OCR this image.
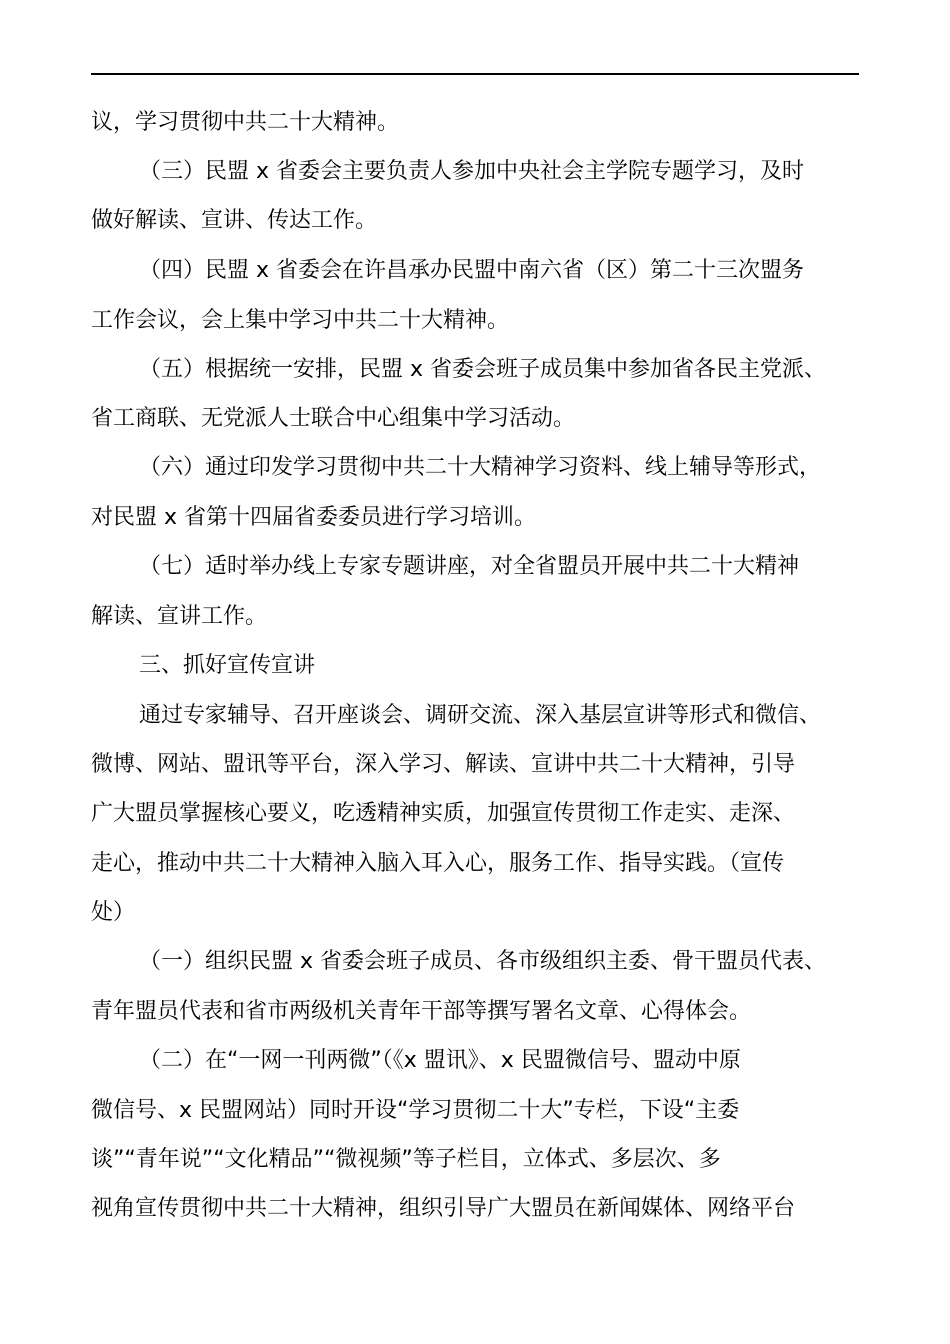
议，学习贯彻中共二十大精神。
（三）民盟 x 省委会主要负责人参加中央社会主学院专题学习，及时
做好解读、宣讲、传达工作。
（四）民盟 x 省委会在许昌承办民盟中南六省（区）第二十三次盟务
工作会议，会上集中学习中共二十大精神。
（五）根据统一安排，民盟 x 省委会班子成员集中参加省各民主党派、
省工商联、无党派人士联合中心组集中学习活动。
（六）通过印发学习贯彻中共二十大精神学习资料、线上辅导等形式，
对民盟 x 省第十四届省委委员进行学习培训。
（七）适时举办线上专家专题讲座，对全省盟员开展中共二十大精神
解读、宣讲工作。
三、抓好宣传宣讲
通过专家辅导、召开座谈会、调研交流、深入基层宣讲等形式和微信、
微博、网站、盟讯等平台，深入学习、解读、宣讲中共二十大精神，引导
广大盟员掌握核心要义，吃透精神实质，加强宣传贯彻工作走实、走深、
走心，推动中共二十大精神入脑入耳入心，服务工作、指导实践。（宣传
处）
（一）组织民盟 x 省委会班子成员、各市级组织主委、骨干盟员代表、
青年盟员代表和省市两级机关青年干部等撰写署名文章、心得体会。
（二）在“一网一刊两微”（《x 盟讯》、x 民盟微信号、盟动中原
微信号、x 民盟网站）同时开设“学习贯彻二十大”专栏，下设“主委
谈”“青年说”“文化精品”“微视频”等子栏目，立体式、多层次、多
视角宣传贯彻中共二十大精神，组织引导广大盟员在新闻媒体、网络平台
